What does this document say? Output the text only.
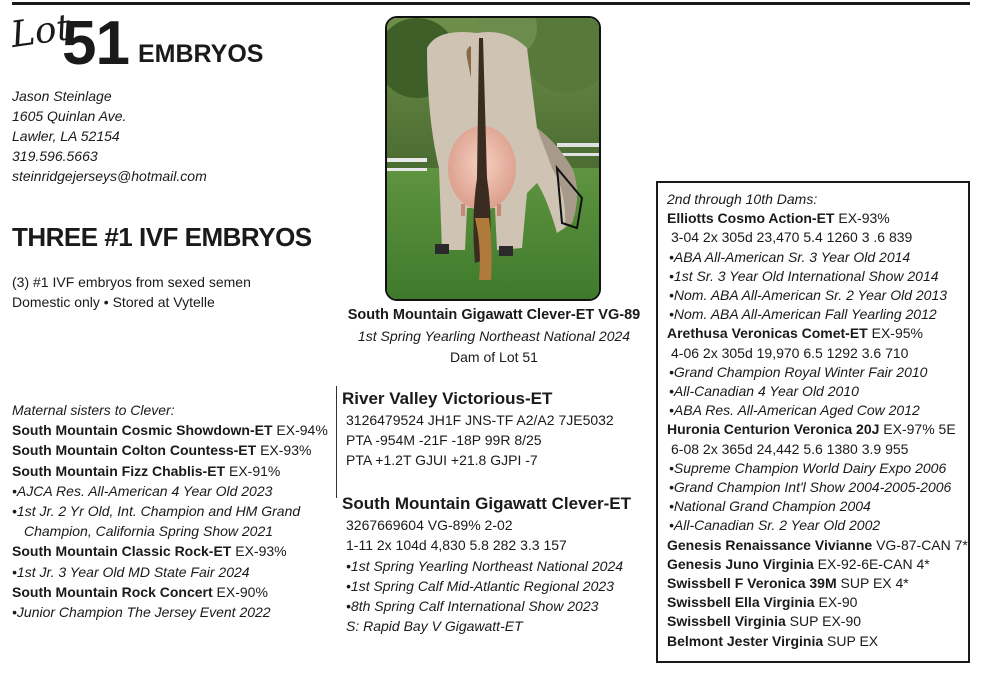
Lot
51 EMBRYOS
Jason Steinlage
1605 Quinlan Ave.
Lawler, LA 52154
319.596.5663
steinridgejerseys@hotmail.com
THREE #1 IVF EMBRYOS
(3) #1 IVF embryos from sexed semen
Domestic only • Stored at Vytelle
Maternal sisters to Clever:
South Mountain Cosmic Showdown-ET EX-94%
South Mountain Colton Countess-ET EX-93%
South Mountain Fizz Chablis-ET EX-91%
•AJCA Res. All-American 4 Year Old 2023
•1st Jr. 2 Yr Old, Int. Champion and HM Grand
Champion, California Spring Show 2021
South Mountain Classic Rock-ET EX-93%
•1st Jr. 3 Year Old MD State Fair 2024
South Mountain Rock Concert EX-90%
•Junior Champion The Jersey Event 2022
South Mountain Gigawatt Clever-ET VG-89
1st Spring Yearling Northeast National 2024
Dam of Lot 51
River Valley Victorious-ET
3126479524 JH1F JNS-TF A2/A2 7JE5032
PTA -954M -21F -18P 99R 8/25
PTA +1.2T GJUI +21.8 GJPI -7
South Mountain Gigawatt Clever-ET
3267669604 VG-89% 2-02
1-11 2x 104d 4,830 5.8 282 3.3 157
•1st Spring Yearling Northeast National 2024
•1st Spring Calf Mid-Atlantic Regional 2023
•8th Spring Calf International Show 2023
S: Rapid Bay V Gigawatt-ET
2nd through 10th Dams:
Elliotts Cosmo Action-ET EX-93%
3-04 2x 305d 23,470 5.4 1260 3 .6 839
•ABA All-American Sr. 3 Year Old 2014
•1st Sr. 3 Year Old International Show 2014
•Nom. ABA All-American Sr. 2 Year Old 2013
•Nom. ABA All-American Fall Yearling 2012
Arethusa Veronicas Comet-ET EX-95%
4-06 2x 305d 19,970 6.5 1292 3.6 710
•Grand Champion Royal Winter Fair 2010
•All-Canadian 4 Year Old 2010
•ABA Res. All-American Aged Cow 2012
Huronia Centurion Veronica 20J EX-97% 5E
6-08 2x 365d 24,442 5.6 1380 3.9 955
•Supreme Champion World Dairy Expo 2006
•Grand Champion Int'l Show 2004-2005-2006
•National Grand Champion 2004
•All-Canadian Sr. 2 Year Old 2002
Genesis Renaissance Vivianne VG-87-CAN 7*
Genesis Juno Virginia EX-92-6E-CAN 4*
Swissbell F Veronica 39M SUP EX 4*
Swissbell Ella Virginia EX-90
Swissbell Virginia SUP EX-90
Belmont Jester Virginia SUP EX
